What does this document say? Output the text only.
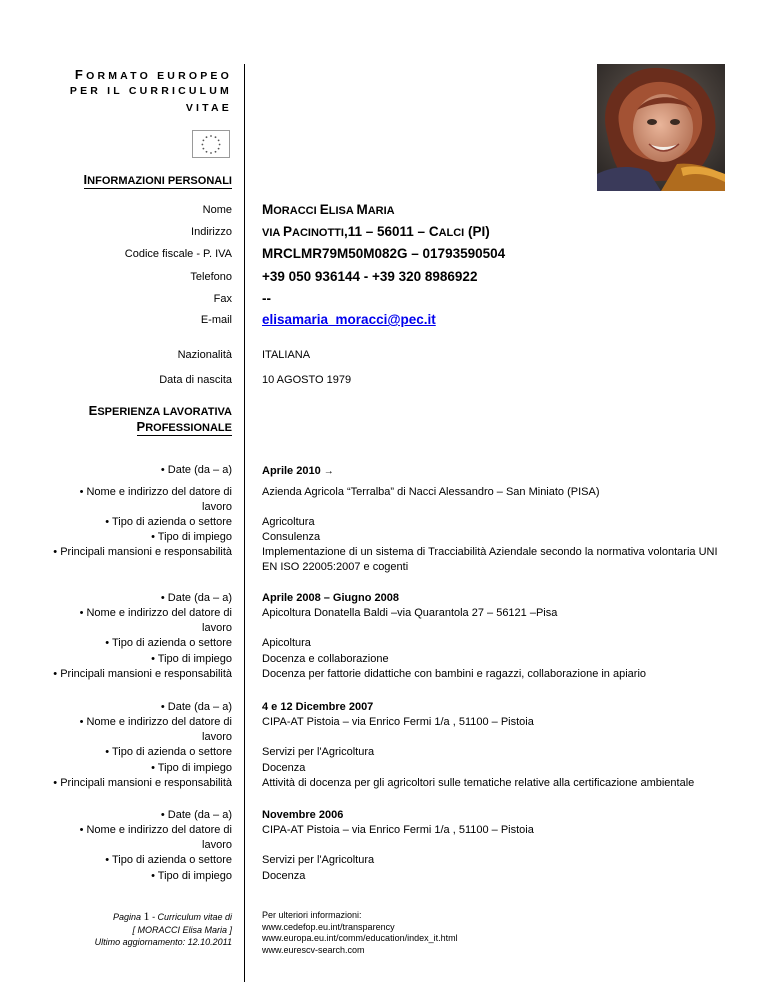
FORMATO EUROPEO
PER IL CURRICULUM
VITAE
INFORMAZIONI PERSONALI
Nome MORACCI ELISA MARIA
Indirizzo	VIA PACINOTTI,11 – 56011 – CALCI (PI)
Codice fiscale - P. IVA MRCLMR79M50M082G – 01793590504
Telefono +39 050 936144 - +39 320 8986922
Fax --
E-mail elisamaria_moracci@pec.it
Nazionalità	ITALIANA
Data di nascita	10 AGOSTO 1979
ESPERIENZA LAVORATIVA
PROFESSIONALE
• Date (da – a)	Aprile 2010 →
• Nome e indirizzo del datore di
lavoro
Azienda Agricola “Terralba” di Nacci Alessandro – San Miniato (PISA)
• Tipo di azienda o settore	Agricoltura
• Tipo di impiego	Consulenza
• Principali mansioni e responsabilità	Implementazione di un sistema di Tracciabilità Aziendale secondo la normativa volontaria UNI
EN ISO 22005:2007 e cogenti
• Date (da – a)	Aprile 2008 – Giugno 2008
• Nome e indirizzo del datore di
lavoro
Apicoltura Donatella Baldi –via Quarantola 27 – 56121 –Pisa
• Tipo di azienda o settore	Apicoltura
• Tipo di impiego	Docenza e collaborazione
• Principali mansioni e responsabilità	Docenza per fattorie didattiche con bambini e ragazzi, collaborazione in apiario
• Date (da – a)	4 e 12 Dicembre 2007
• Nome e indirizzo del datore di
lavoro
CIPA-AT Pistoia – via Enrico Fermi 1/a , 51100 – Pistoia
• Tipo di azienda o settore	Servizi per l'Agricoltura
• Tipo di impiego	Docenza
• Principali mansioni e responsabilità	Attività di docenza per gli agricoltori sulle tematiche relative alla certificazione ambientale
• Date (da – a)	Novembre 2006
• Nome e indirizzo del datore di
lavoro
CIPA-AT Pistoia – via Enrico Fermi 1/a , 51100 – Pistoia
• Tipo di azienda o settore	Servizi per l'Agricoltura
• Tipo di impiego	Docenza
Pagina 1 - Curriculum vitae di
[ MORACCI Elisa Maria ]
Ultimo aggiornamento: 12.10.2011
Per ulteriori informazioni:
www.cedefop.eu.int/transparency
www.europa.eu.int/comm/education/index_it.html
www.eurescv-search.com
